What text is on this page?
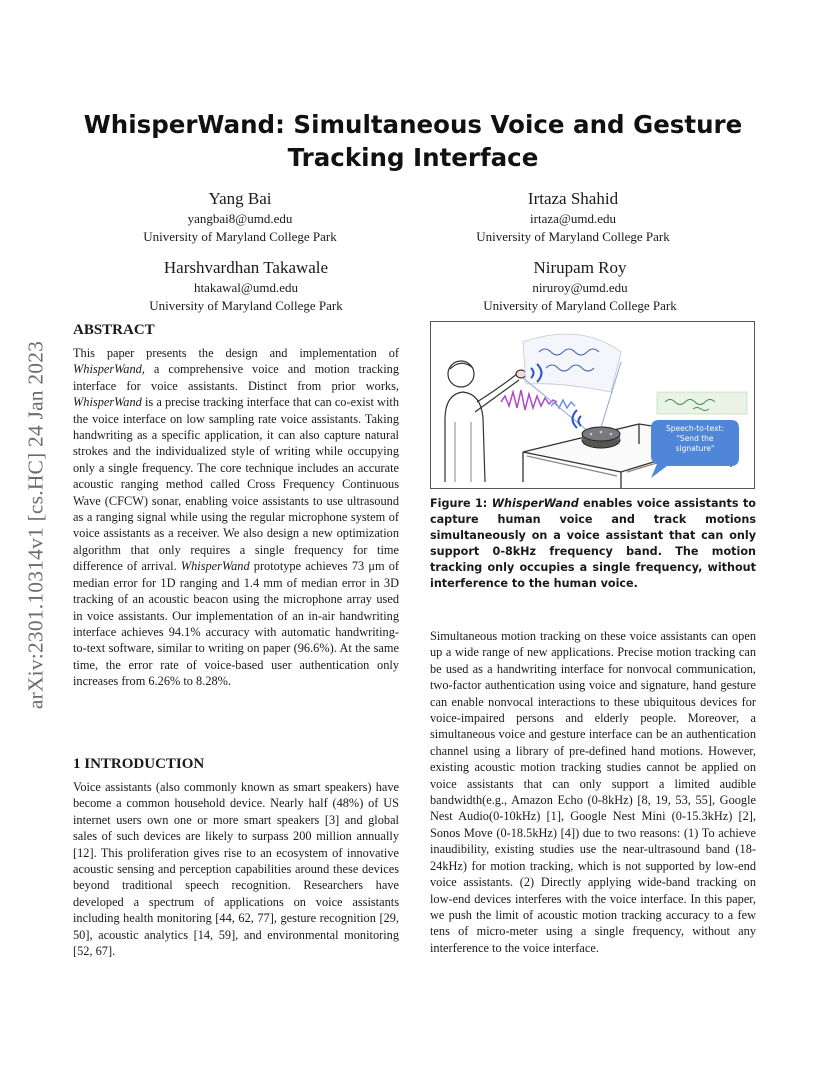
arXiv:2301.10314v1 [cs.HC] 24 Jan 2023
WhisperWand: Simultaneous Voice and Gesture Tracking Interface
Yang Bai
yangbai8@umd.edu
University of Maryland College Park
Irtaza Shahid
irtaza@umd.edu
University of Maryland College Park
Harshvardhan Takawale
htakawal@umd.edu
University of Maryland College Park
Nirupam Roy
niruroy@umd.edu
University of Maryland College Park
ABSTRACT

This paper presents the design and implementation of WhisperWand, a comprehensive voice and motion tracking interface for voice assistants. Distinct from prior works, WhisperWand is a precise tracking interface that can co-exist with the voice interface on low sampling rate voice assistants. Taking handwriting as a specific application, it can also capture natural strokes and the individualized style of writing while occupying only a single frequency. The core technique includes an accurate acoustic ranging method called Cross Frequency Continuous Wave (CFCW) sonar, enabling voice assistants to use ultrasound as a ranging signal while using the regular microphone system of voice assistants as a receiver. We also design a new optimization algorithm that only requires a single frequency for time difference of arrival. WhisperWand prototype achieves 73 μm of median error for 1D ranging and 1.4 mm of median error in 3D tracking of an acoustic beacon using the microphone array used in voice assistants. Our implementation of an in-air handwriting interface achieves 94.1% accuracy with automatic handwriting-to-text software, similar to writing on paper (96.6%). At the same time, the error rate of voice-based user authentication only increases from 6.26% to 8.28%.

1 INTRODUCTION

Voice assistants (also commonly known as smart speakers) have become a common household device. Nearly half (48%) of US internet users own one or more smart speakers [3] and global sales of such devices are likely to surpass 200 million annually [12]. This proliferation gives rise to an ecosystem of innovative acoustic sensing and perception capabilities around these devices beyond traditional speech recognition. Researchers have developed a spectrum of applications on voice assistants including health monitoring [44, 62, 77], gesture recognition [29, 50], acoustic analytics [14, 59], and environmental monitoring [52, 67].

Speech-to-text: "Send the signature"

Figure 1: WhisperWand enables voice assistants to capture human voice and track motions simultaneously on a voice assistant that can only support 0-8kHz frequency band. The motion tracking only occupies a single frequency, without interference to the human voice.

Simultaneous motion tracking on these voice assistants can open up a wide range of new applications. Precise motion tracking can be used as a handwriting interface for nonvocal communication, two-factor authentication using voice and signature, hand gesture can enable nonvocal interactions to these ubiquitous devices for voice-impaired persons and elderly people. Moreover, a simultaneous voice and gesture interface can be an authentication channel using a library of pre-defined hand motions. However, existing acoustic motion tracking studies cannot be applied on voice assistants that can only support a limited audible bandwidth(e.g., Amazon Echo (0-8kHz) [8, 19, 53, 55], Google Nest Audio(0-10kHz) [1], Google Nest Mini (0-15.3kHz) [2], Sonos Move (0-18.5kHz) [4]) due to two reasons: (1) To achieve inaudibility, existing studies use the near-ultrasound band (18-24kHz) for motion tracking, which is not supported by low-end voice assistants. (2) Directly applying wide-band tracking on low-end devices interferes with the voice interface. In this paper, we push the limit of acoustic motion tracking accuracy to a few tens of micro-meter using a single frequency, without any interference to the voice interface.
